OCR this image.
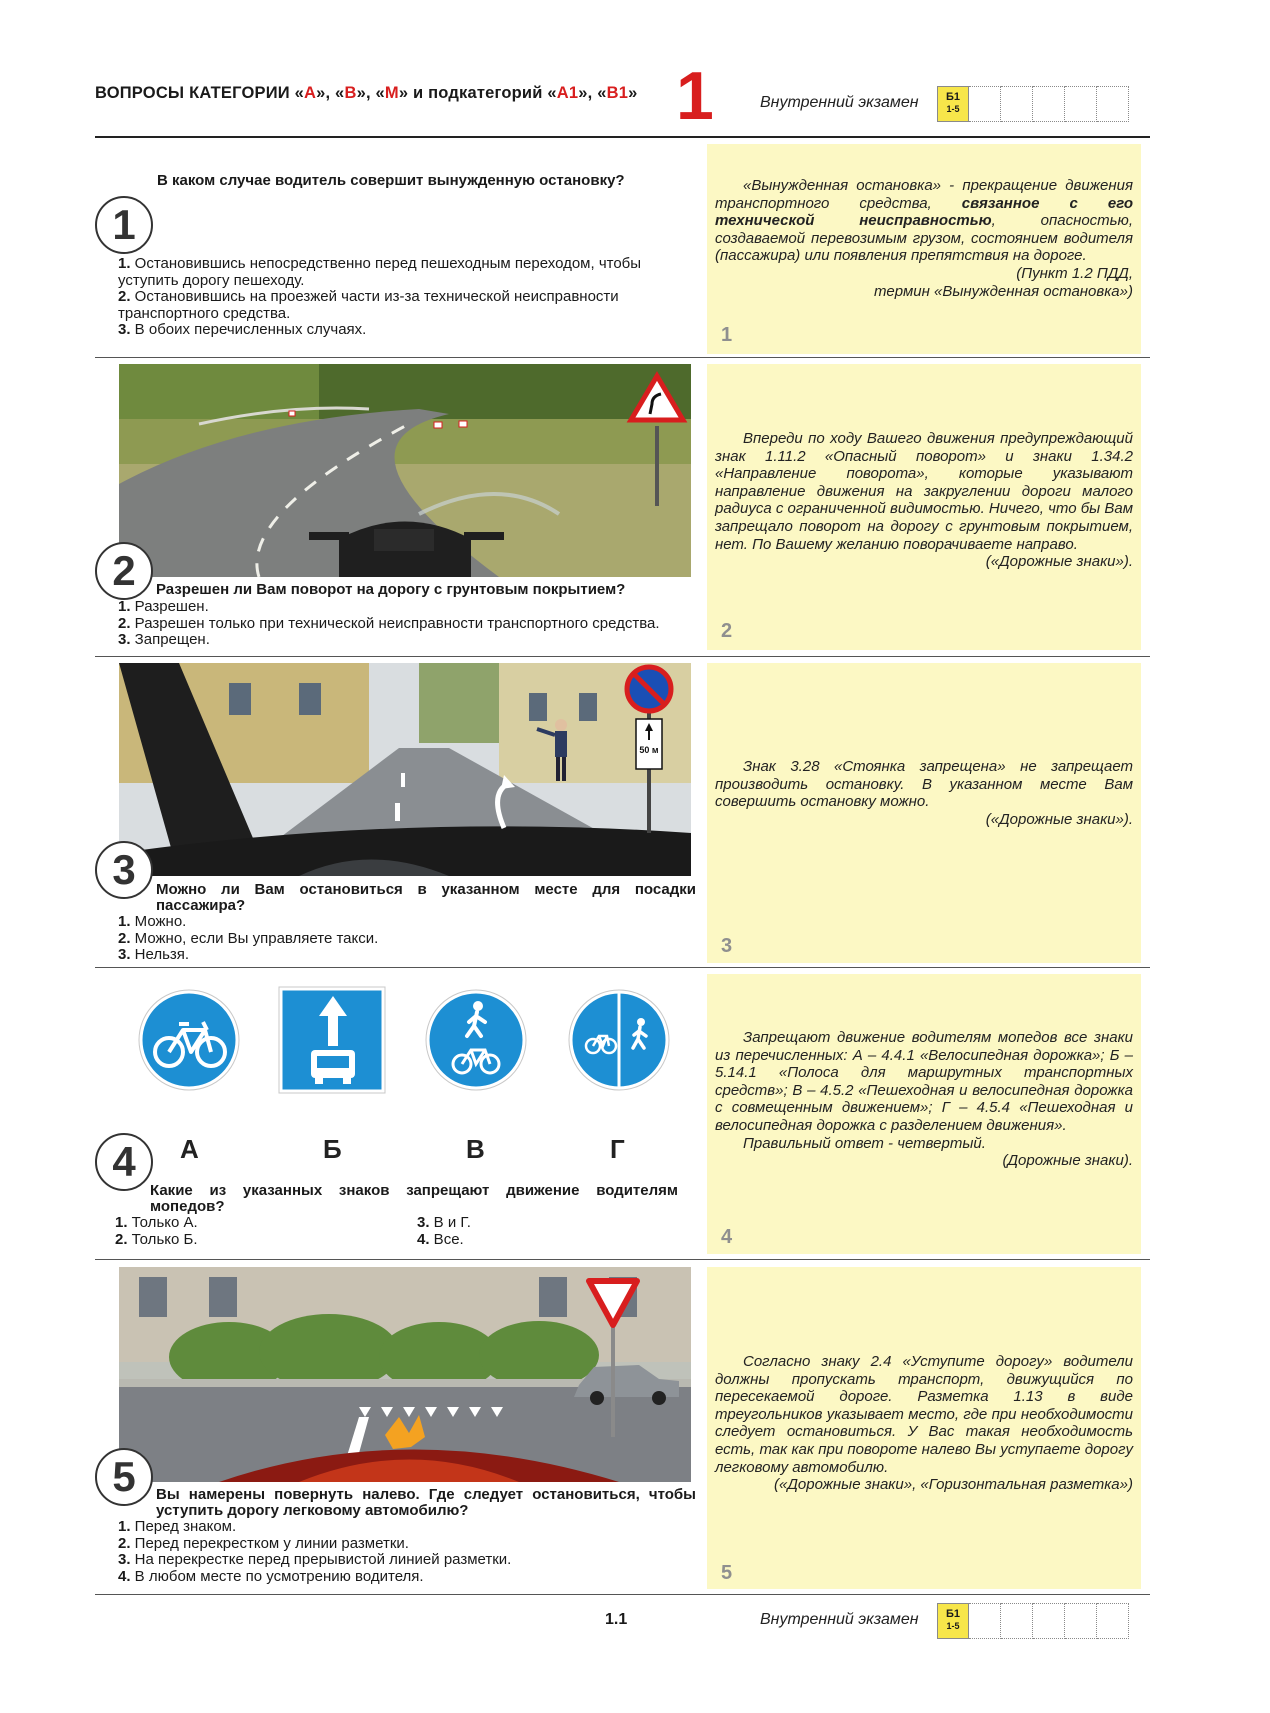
ВОПРОСЫ КАТЕГОРИИ «А», «В», «М» и подкатегорий «А1», «В1» 1	Внутренний экзамен	Б1
1-5
В каком случае водитель совершит вынужденную остановку?
1
1. Остановившись непосредственно перед пешеходным переходом, чтобы уступить дорогу пешеходу.
2. Остановившись на проезжей части из-за технической неисправности транспортного средства.
3. В обоих перечисленных случаях.
«Вынужденная остановка» - прекращение движения транспортного средства, связанное с его технической неисправностью, опасностью, создаваемой перевозимым грузом, состоянием водителя (пассажира) или появления препятствия на дороге.
(Пункт 1.2 ПДД,
термин «Вынужденная остановка»)
1
2	Разрешен ли Вам поворот на дорогу с грунтовым покрытием?
1. Разрешен.
2. Разрешен только при технической неисправности транспортного средства.
3. Запрещен.
Впереди по ходу Вашего движения предупреждающий знак 1.11.2 «Опасный поворот» и знаки 1.34.2 «Направление поворота», которые указывают направление движения на закруглении дороги малого радиуса с ограниченной видимостью. Ничего, что бы Вам запрещало поворот на дорогу с грунтовым покрытием, нет. По Вашему желанию поворачиваете направо.
(«Дорожные знаки»).
2
50 м
3	Можно ли Вам остановиться в указанном месте для посадки пассажира?
1. Можно.
2. Можно, если Вы управляете такси.
3. Нельзя.
Знак 3.28 «Стоянка запрещена» не запрещает производить остановку. В указанном месте Вам совершить остановку можно.
(«Дорожные знаки»).
3
А	Б	В	Г
4
Какие из указанных знаков запрещают движение водителям мопедов?
1. Только А.
2. Только Б.
3. В и Г.
4. Все.
Запрещают движение водителям мопедов все знаки из перечисленных: А – 4.4.1 «Велосипедная дорожка»; Б – 5.14.1 «Полоса для маршрутных транспортных средств»; В – 4.5.2 «Пешеходная и велосипедная дорожка с совмещенным движением»; Г – 4.5.4 «Пешеходная и велосипедная дорожка с разделением движения».
Правильный ответ - четвертый.
(Дорожные знаки).
4
5	Вы намерены повернуть налево. Где следует остановиться, чтобы уступить дорогу легковому автомобилю?
1. Перед знаком.
2. Перед перекрестком у линии разметки.
3. На перекрестке перед прерывистой линией разметки.
4. В любом месте по усмотрению водителя.
Согласно знаку 2.4 «Уступите дорогу» водители должны пропускать транспорт, движущийся по пересекаемой дороге. Разметка 1.13 в виде треугольников указывает место, где при необходимости следует остановиться. У Вас такая необходимость есть, так как при повороте налево Вы уступаете дорогу легковому автомобилю.
(«Дорожные знаки», «Горизонтальная разметка»)
5
1.1	Внутренний экзамен	Б1
1-5
